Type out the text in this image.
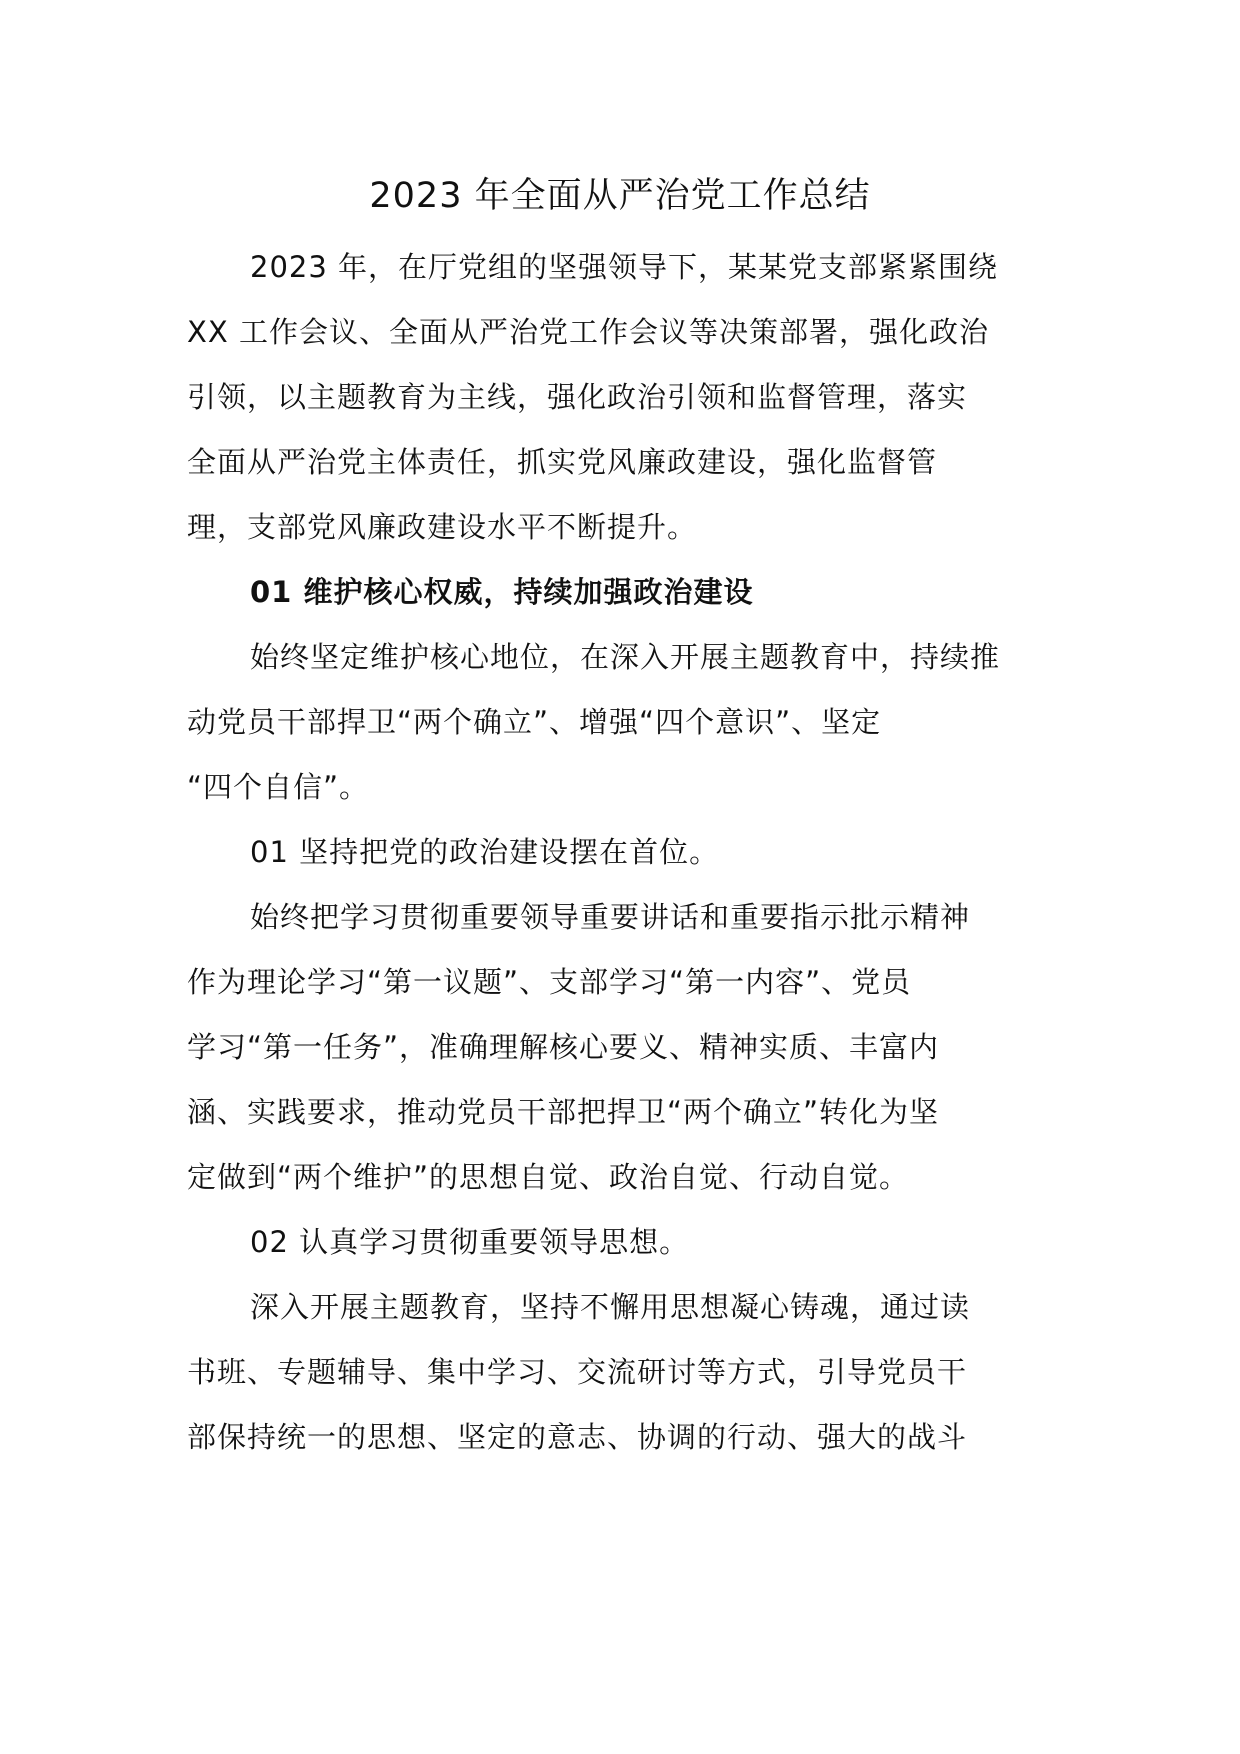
2023 年全面从严治党工作总结

2023 年，在厅党组的坚强领导下，某某党支部紧紧围绕
XX 工作会议、全面从严治党工作会议等决策部署，强化政治
引领，以主题教育为主线，强化政治引领和监督管理，落实
全面从严治党主体责任，抓实党风廉政建设，强化监督管
理，支部党风廉政建设水平不断提升。

01 维护核心权威，持续加强政治建设

始终坚定维护核心地位，在深入开展主题教育中，持续推
动党员干部捍卫“两个确立”、增强“四个意识”、坚定
“四个自信”。

01 坚持把党的政治建设摆在首位。

始终把学习贯彻重要领导重要讲话和重要指示批示精神
作为理论学习“第一议题”、支部学习“第一内容”、党员
学习“第一任务”，准确理解核心要义、精神实质、丰富内
涵、实践要求，推动党员干部把捍卫“两个确立”转化为坚
定做到“两个维护”的思想自觉、政治自觉、行动自觉。

02 认真学习贯彻重要领导思想。

深入开展主题教育，坚持不懈用思想凝心铸魂，通过读
书班、专题辅导、集中学习、交流研讨等方式，引导党员干
部保持统一的思想、坚定的意志、协调的行动、强大的战斗
